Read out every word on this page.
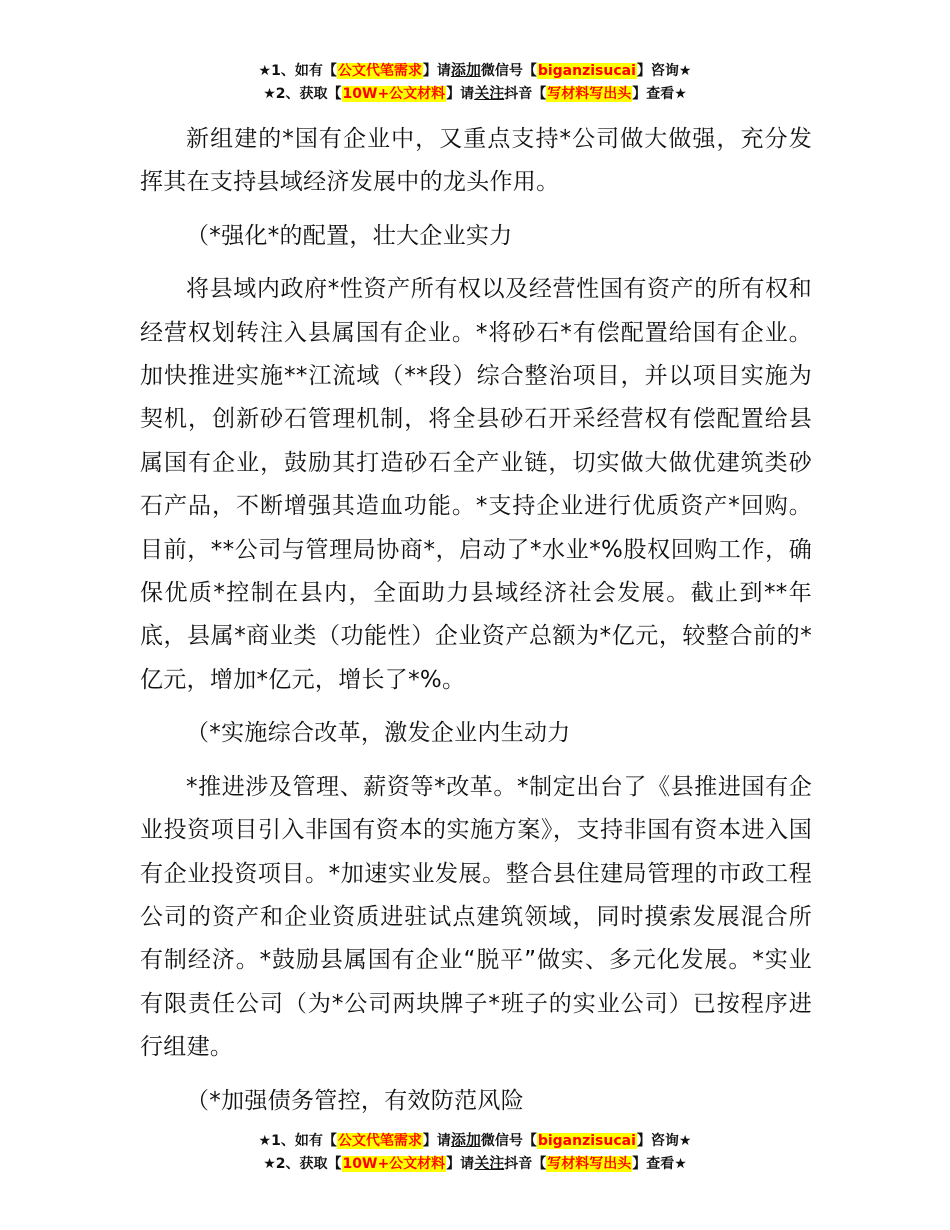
★1、如有【公文代笔需求】请添加微信号【biganzisucai】咨询★
★2、获取【10W+公文材料】请关注抖音【写材料写出头】查看★

新组建的*国有企业中，又重点支持*公司做大做强，充分发挥其在支持县域经济发展中的龙头作用。

（*强化*的配置，壮大企业实力

将县域内政府*性资产所有权以及经营性国有资产的所有权和经营权划转注入县属国有企业。*将砂石*有偿配置给国有企业。加快推进实施**江流域（**段）综合整治项目，并以项目实施为契机，创新砂石管理机制，将全县砂石开采经营权有偿配置给县属国有企业，鼓励其打造砂石全产业链，切实做大做优建筑类砂石产品，不断增强其造血功能。*支持企业进行优质资产*回购。目前，**公司与管理局协商*，启动了*水业*%股权回购工作，确保优质*控制在县内，全面助力县域经济社会发展。截止到**年底，县属*商业类（功能性）企业资产总额为*亿元，较整合前的*亿元，增加*亿元，增长了*%。

（*实施综合改革，激发企业内生动力

*推进涉及管理、薪资等*改革。*制定出台了《县推进国有企业投资项目引入非国有资本的实施方案》，支持非国有资本进入国有企业投资项目。*加速实业发展。整合县住建局管理的市政工程公司的资产和企业资质进驻试点建筑领域，同时摸索发展混合所有制经济。*鼓励县属国有企业“脱平”做实、多元化发展。*实业有限责任公司（为*公司两块牌子*班子的实业公司）已按程序进行组建。

（*加强债务管控，有效防范风险

★1、如有【公文代笔需求】请添加微信号【biganzisucai】咨询★
★2、获取【10W+公文材料】请关注抖音【写材料写出头】查看★
